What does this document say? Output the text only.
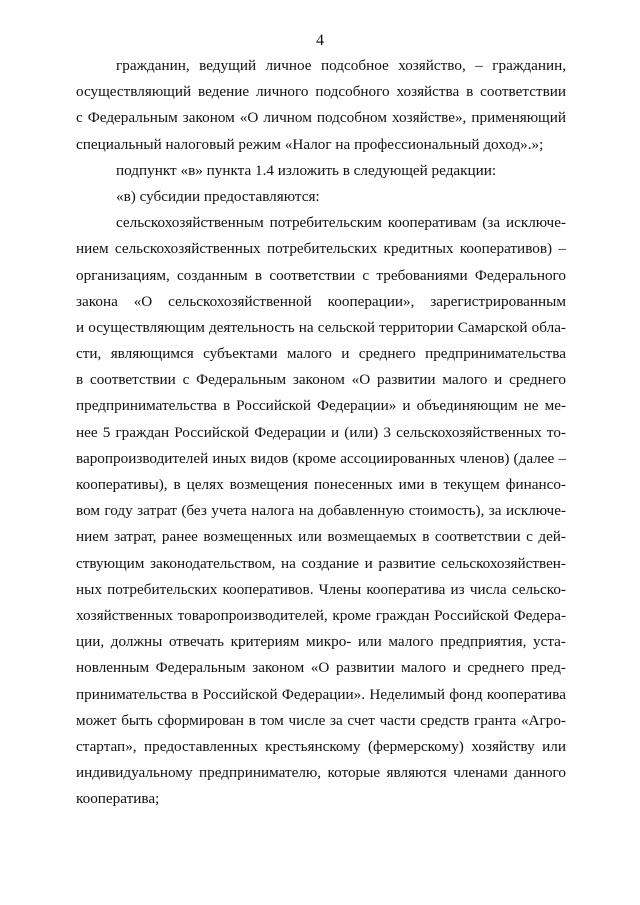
4
гражданин, ведущий личное подсобное хозяйство, – гражданин,
осуществляющий ведение личного подсобного хозяйства в соответствии
с Федеральным законом «О личном подсобном хозяйстве», применяющий
специальный налоговый режим «Налог на профессиональный доход».»;
подпункт «в» пункта 1.4 изложить в следующей редакции:
«в) субсидии предоставляются:
сельскохозяйственным потребительским кооперативам (за исключе-
нием сельскохозяйственных потребительских кредитных кооперативов) –
организациям, созданным в соответствии с требованиями Федерального
закона «О сельскохозяйственной кооперации», зарегистрированным
и осуществляющим деятельность на сельской территории Самарской обла-
сти, являющимся субъектами малого и среднего предпринимательства
в соответствии с Федеральным законом «О развитии малого и среднего
предпринимательства в Российской Федерации» и объединяющим не ме-
нее 5 граждан Российской Федерации и (или) 3 сельскохозяйственных то-
варопроизводителей иных видов (кроме ассоциированных членов) (далее –
кооперативы), в целях возмещения понесенных ими в текущем финансо-
вом году затрат (без учета налога на добавленную стоимость), за исключе-
нием затрат, ранее возмещенных или возмещаемых в соответствии с дей-
ствующим законодательством, на создание и развитие сельскохозяйствен-
ных потребительских кооперативов. Члены кооператива из числа сельско-
хозяйственных товаропроизводителей, кроме граждан Российской Федера-
ции, должны отвечать критериям микро- или малого предприятия, уста-
новленным Федеральным законом «О развитии малого и среднего пред-
принимательства в Российской Федерации». Неделимый фонд кооператива
может быть сформирован в том числе за счет части средств гранта «Агро-
стартап», предоставленных крестьянскому (фермерскому) хозяйству или
индивидуальному предпринимателю, которые являются членами данного
кооператива;
